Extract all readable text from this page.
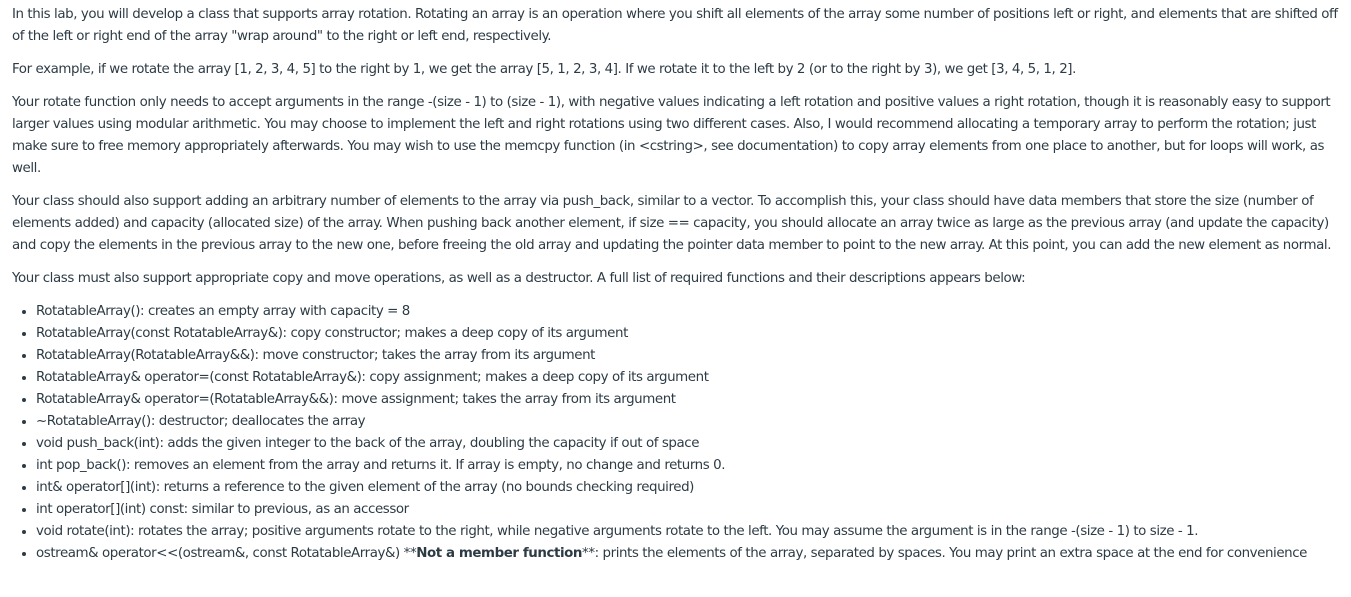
In this lab, you will develop a class that supports array rotation. Rotating an array is an operation where you shift all elements of the array some number of positions left or right, and elements that are shifted off of the left or right end of the array "wrap around" to the right or left end, respectively.

For example, if we rotate the array [1, 2, 3, 4, 5] to the right by 1, we get the array [5, 1, 2, 3, 4]. If we rotate it to the left by 2 (or to the right by 3), we get [3, 4, 5, 1, 2].

Your rotate function only needs to accept arguments in the range -(size - 1) to (size - 1), with negative values indicating a left rotation and positive values a right rotation, though it is reasonably easy to support larger values using modular arithmetic. You may choose to implement the left and right rotations using two different cases. Also, I would recommend allocating a temporary array to perform the rotation; just make sure to free memory appropriately afterwards. You may wish to use the memcpy function (in <cstring>, see documentation) to copy array elements from one place to another, but for loops will work, as well.

Your class should also support adding an arbitrary number of elements to the array via push_back, similar to a vector. To accomplish this, your class should have data members that store the size (number of elements added) and capacity (allocated size) of the array. When pushing back another element, if size == capacity, you should allocate an array twice as large as the previous array (and update the capacity) and copy the elements in the previous array to the new one, before freeing the old array and updating the pointer data member to point to the new array. At this point, you can add the new element as normal.

Your class must also support appropriate copy and move operations, as well as a destructor. A full list of required functions and their descriptions appears below:

• RotatableArray(): creates an empty array with capacity = 8
• RotatableArray(const RotatableArray&): copy constructor; makes a deep copy of its argument
• RotatableArray(RotatableArray&&): move constructor; takes the array from its argument
• RotatableArray& operator=(const RotatableArray&): copy assignment; makes a deep copy of its argument
• RotatableArray& operator=(RotatableArray&&): move assignment; takes the array from its argument
• ~RotatableArray(): destructor; deallocates the array
• void push_back(int): adds the given integer to the back of the array, doubling the capacity if out of space
• int pop_back(): removes an element from the array and returns it. If array is empty, no change and returns 0.
• int& operator[](int): returns a reference to the given element of the array (no bounds checking required)
• int operator[](int) const: similar to previous, as an accessor
• void rotate(int): rotates the array; positive arguments rotate to the right, while negative arguments rotate to the left. You may assume the argument is in the range -(size - 1) to size - 1.
• ostream& operator<<(ostream&, const RotatableArray&) **Not a member function**: prints the elements of the array, separated by spaces. You may print an extra space at the end for convenience
